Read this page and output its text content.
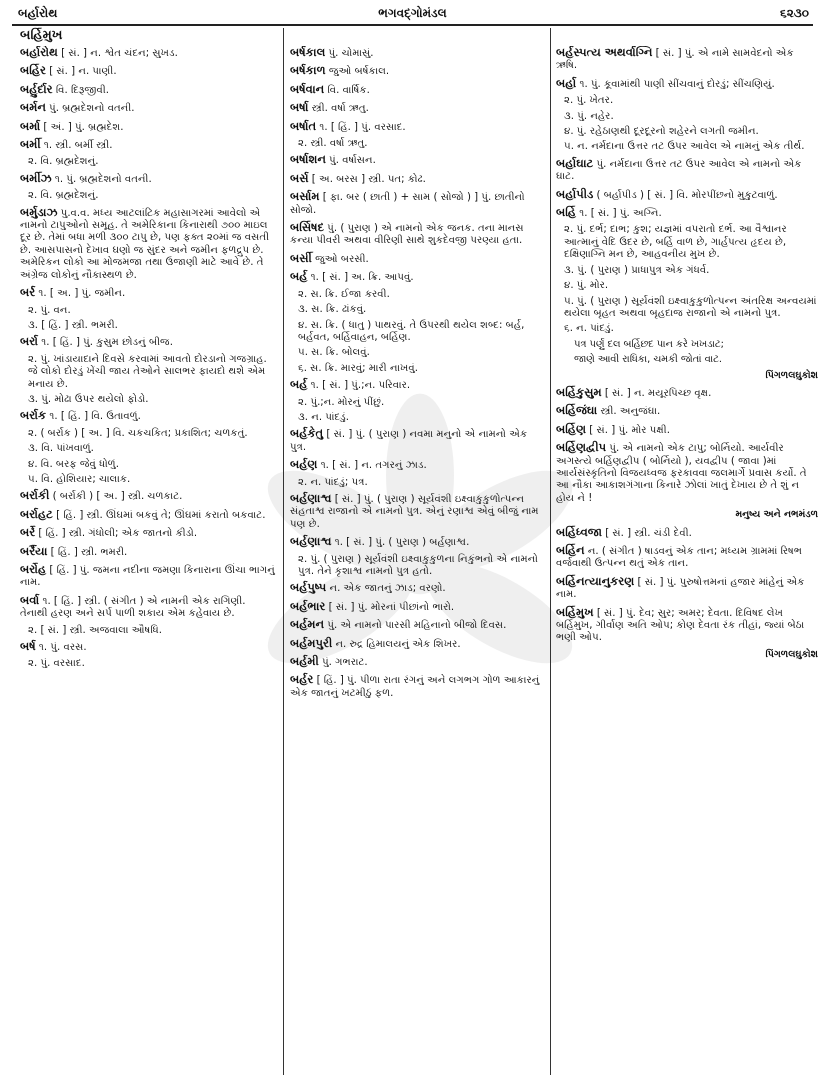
બર્હારોથ	ભગવદ્ગોમંડલ	૬૨૩૦
બર્હિમુખ
બર્હારોથ [ સં. ] ન. શ્વેત ચંદન; સુખડ.
બર્હિર [ સં. ] ન. પાણી.
બર્હુર્દાર વિ. દિરૂજીવી.
બર્મન પું. બ્રહ્મદેશનો વતની.
બર્મા [ અં. ] પું. બ્રહ્મદેશ.
બર્મી ૧. સ્ત્રી. બર્મી સ્ત્રી.
૨. વિ. બ્રહ્મદેશનું.
બર્મીઝ ૧. પું. બ્રહ્મદેશનો વતની.
૨. વિ. બ્રહ્મદેશનું.
બર્મુડાઝ પુ.વ.વ. મધ્ય આટલાંટિક મહાસાગરમાં આવેલો એ નામનો ટાપુઓનો સમૂહ. તે અમેરિકાના કિનારાથી ૭૦૦ માઇલ દૂર છે. તેમાં બધા મળી ૩૦૦ ટાપુ છે, પણ ફક્ત ૨૦માં જ વસતી છે. આસપાસનો દેખાવ ઘણો જ સુંદર અને જમીન ફળદ્રુપ છે. અમેરિકન લોકો આ મોજમજા તથા ઉજાણી માટે આવે છે. તે અંગ્રેજ લોકોનું નૌકાસ્થળ છે.
બર્ર ૧. [ અ. ] પું. જમીન.
૨. પું. વન.
૩. [ હિં. ] સ્ત્રી. ભમરી.
બર્રા ૧. [ હિં. ] પું. કુસુમ છોડનું બીજ.
૨. પું. ખાંડાયાદાને દિવસે કરવામાં આવતો દોરડાનો ગજગ્રાહ. જે લોકો દોરડું ખેંચી જાય તેઓને સાલભર ફાયદો થશે એમ મનાય છે.
૩. પું. મોઢા ઉપર થયેલો ફોડો.
બર્રાક ૧. [ હિં. ] વિ. ઉતાવળું.
૨. ( બર્રાક ) [ અ. ] વિ. ચકચકિત; પ્રકાશિત; ચળકતું.
૩. વિ. પાંખવાળું.
૪. વિ. બરફ જેવું ધોળું.
૫. વિ. હોશિયાર; ચાલાક.
બર્રાકી ( બર્રાકી ) [ અ. ] સ્ત્રી. ચળકાટ.
બર્રાહટ [ હિં. ] સ્ત્રી. ઊંઘમાં બકવું તે; ઊંઘમાં કરાતો બકવાટ.
બર્રે [ હિં. ] સ્ત્રી. ગંધોલી; એક જાતનો કીડો.
બર્રૈયા [ હિં. ] સ્ત્રી. ભમરી.
બર્રોહ [ હિં. ] પું. જમના નદીના જમણા કિનારાના ઊંચા ભાગનું નામ.
બર્વા ૧. [ હિં. ] સ્ત્રી. ( સંગીત ) એ નામની એક રાગિણી. તેનાથી હરણ અને સર્પ પાળી શકાય એમ કહેવાય છે.
૨. [ સં. ] સ્ત્રી. અજવાલા ઔષધિ.
બર્ષ ૧. પું. વરસ.
૨. પું. વરસાદ.
બર્ષકાલ પું. ચોમાસું.
બર્ષકાળ જુઓ બર્ષકાલ.
બર્ષવાન વિ. વાર્ષિક.
બર્ષા સ્ત્રી. વર્ષા ઋતુ.
બર્ષાત ૧. [ હિં. ] પું. વરસાદ.
૨. સ્ત્રી. વર્ષા ઋતુ.
બર્ષાશન પું. વર્ષાસન.
બર્સ [ અ. બરસ ] સ્ત્રી. પત; કોઢ.
બર્સામ [ ફા. બર ( છાતી ) + સામ ( સોજો ) ] પું. છાતીનો સોજો.
બર્સિષદ પું. ( પુરાણ ) એ નામનો એક જનક. તના માનસ કન્યા પીવરી અથવા વીરિણી સાથે શુકદેવજી પરણ્યા હતા.
બર્સી જુઓ બરસી.
બર્હ ૧. [ સં. ] અ. ક્રિ. આપવું.
૨. સ. ક્રિ. ઈજા કરવી.
૩. સ. ક્રિ. ઢાંકવું.
૪. સ. ક્રિ. ( ધાતુ ) પાથરવું. તે ઉપરથી થયેલ શબ્દ: બર્હ, બર્હવત, બર્હિવાહન, બર્હિણ.
૫. સ. ક્રિ. બોલવું.
૬. સ. ક્રિ. મારવું; મારી નાખવું.
બર્હ ૧. [ સં. ] પું.;ન. પરિવાર.
૨. પું.;ન. મોરનું પીંછું.
૩. ન. પાંદડું.
બર્હકેતુ [ સં. ] પું. ( પુરાણ ) નવમા મનુનો એ નામનો એક પુત્ર.
બર્હણ ૧. [ સં. ] ન. તગરનું ઝાડ.
૨. ન. પાંદડું; પત્ર.
બર્હણાશ્વ [ સં. ] પું. ( પુરાણ ) સૂર્યવંશી ઇક્ષ્વાકુકુળોત્પન્ન સંહતાશ્વ રાજાનો એ નામનો પુત્ર. એનું રણાશ્વ એવું બીજું નામ પણ છે.
બર્હણાશ્વ ૧. [ સં. ] પું. ( પુરાણ ) બર્હણાશ્વ.
૨. પું. ( પુરાણ ) સૂર્યવંશી ઇક્ષ્વાકુકુળના નિકુંભનો એ નામનો પુત્ર. તેને કૃશાશ્વ નામનો પુત્ર હતો.
બર્હપુષ્પ ન. એક જાતનું ઝાડ; વરણો.
બર્હભાર [ સં. ] પું. મોરનાં પીછાંનો ભારો.
બર્હમન પું. એ નામનો પારસી મહિનાનો બીજો દિવસ.
બર્હમપુરી ન. રુદ્ર હિમાલયનું એક શિખર.
બર્હમી પું. ગભરાટ.
બર્હર [ હિં. ] પું. પીળા રાતા રંગનું અને લગભગ ગોળ આકારનું એક જાતનું ખટમીઠું ફળ.
બર્હસ્પત્ય અથર્વાગ્નિ [ સં. ] પું. એ નામે સામવેદનો એક ઋષિ.
બર્હા ૧. પું. કૂવામાંથી પાણી સીંચવાનું દોરડું; સીંચણિયું.
૨. પું. ખેતર.
૩. પું. નહેર.
૪. પું. રહેઠાણથી દૂરદૂરનો શહેરને લગતી જમીન.
૫. ન. નર્મદાના ઉત્તર તટ ઉપર આવેલ એ નામનું એક તીર્થ.
બર્હાઘાટ પું. નર્મદાના ઉત્તર તટ ઉપર આવેલ એ નામનો એક ઘાટ.
બર્હાપીડ ( બર્હાપીડ ) [ સં. ] વિ. મોરપીંછનો મુકુટવાળું.
બર્હિ ૧. [ સં. ] પું. અગ્નિ.
૨. પું. દર્ભ; દાભ; કુશ; યજ્ઞમાં વપરાતો દર્ભ. આ વૈશ્વાનર આત્માનું વેદિ ઉદર છે, બર્હિ વાળ છે, ગાર્હપત્ય હૃદય છે, દક્ષિણાગ્નિ મન છે, આહવનીય મુખ છે.
૩. પું. ( પુરાણ ) પ્રાધાપુત્ર એક ગંધર્વ.
૪. પું. મોર.
૫. પું. ( પુરાણ ) સૂર્યવંશી ઇક્ષ્વાકુકુળોત્પન્ન અંતરિક્ષ અન્વયમાં થયેલા બૃહત અથવા બૃહદાજ રાજાનો એ નામનો પુત્ર.
૬. ન. પાંદડું.
પત્ર પર્ણું દલ બર્હિછદ પાન કરે ખખડાટ;
જાણે આવી રાધિકા, ચમકી જોતાં વાટ.
પિંગળલઘુકોશ
બર્હિકુસુમ [ સં. ] ન. મયૂરપિચ્છ વૃક્ષ.
બર્હિજંઘા સ્ત્રી. અનુજંઘા.
બર્હિણ [ સં. ] પું. મોર પક્ષી.
બર્હિણદ્વીપ પું. એ નામનો એક ટાપુ; બોર્નિયો. આર્યવીર અગસ્ત્યે બર્હિણદ્વીપ ( બોર્નિયો ), યવદ્વીપ ( જાવા )માં આર્યસંસ્કૃતિનો વિજયધ્વજ ફરકાવવા જલમાર્ગે પ્રવાસ કર્યો. તે આ નૌકા આકાશગંગાના કિનારે ઝોલાં ખાતું દેખાય છે તે શું ન હોય ને !
મનુષ્ય અને નભમંડળ
બર્હિધ્વજા [ સં. ] સ્ત્રી. ચંડી દેવી.
બર્હિન ન. ( સંગીત ) ષાડવનું એક તાન; મધ્યમ ગ્રામમાં રિષભ વર્જવાથી ઉત્પન્ન થતું એક તાન.
બર્હિનત્યાનુકરણ [ સં. ] પું. પુરુષોત્તમનાં હજાર માંહેનું એક નામ.
બર્હિમુખ [ સં. ] પું. દેવ; સુર; અમર; દેવતા. દિવિષદ લેખ બર્હિમુખ, ગીર્વાણ અતિ ઓપ; કોણ દેવતા રંક તીહાં, જ્યાં બેઠા ભણી ઓપ.
પિંગળલઘુકોશ
